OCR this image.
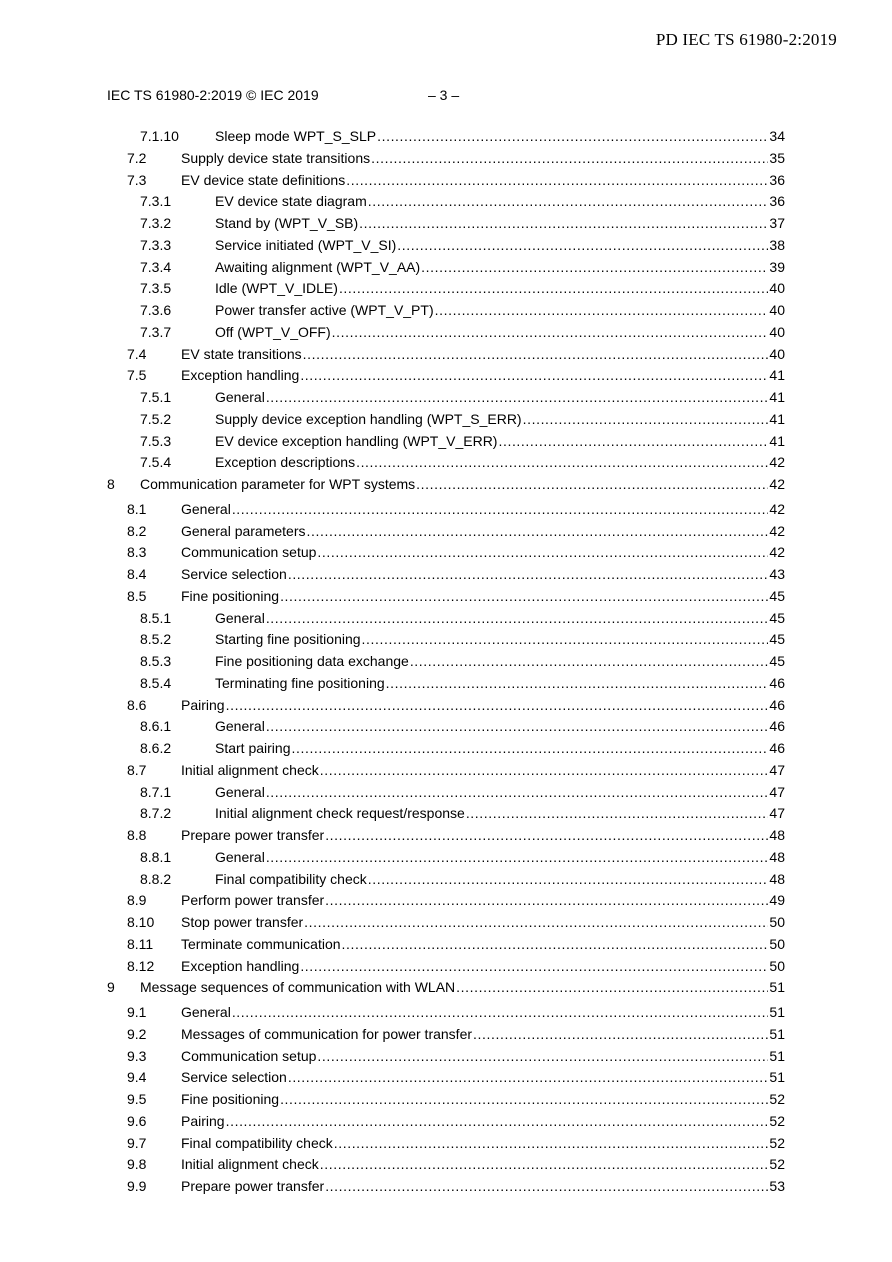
PD IEC TS 61980-2:2019
IEC TS 61980-2:2019 © IEC 2019	– 3 –
7.1.10	Sleep mode WPT_S_SLP .....	34
7.2 Supply device state transitions .....	35
7.3 EV device state definitions .....	36
7.3.1	EV device state diagram .....	36
7.3.2	Stand by (WPT_V_SB) .....	37
7.3.3	Service initiated (WPT_V_SI) .....	38
7.3.4	Awaiting alignment (WPT_V_AA) .....	39
7.3.5	Idle (WPT_V_IDLE) .....	40
7.3.6	Power transfer active (WPT_V_PT) .....	40
7.3.7	Off (WPT_V_OFF) .....	40
7.4 EV state transitions .....	40
7.5 Exception handling .....	41
7.5.1	General .....	41
7.5.2	Supply device exception handling (WPT_S_ERR) .....	41
7.5.3	EV device exception handling (WPT_V_ERR) .....	41
7.5.4	Exception descriptions .....	42
8 Communication parameter for WPT systems .....	42
8.1 General .....	42
8.2 General parameters .....	42
8.3 Communication setup .....	42
8.4 Service selection .....	43
8.5 Fine positioning .....	45
8.5.1	General .....	45
8.5.2	Starting fine positioning .....	45
8.5.3	Fine positioning data exchange .....	45
8.5.4	Terminating fine positioning .....	46
8.6 Pairing .....	46
8.6.1	General .....	46
8.6.2	Start pairing .....	46
8.7 Initial alignment check .....	47
8.7.1	General .....	47
8.7.2	Initial alignment check request/response .....	47
8.8 Prepare power transfer .....	48
8.8.1	General .....	48
8.8.2	Final compatibility check .....	48
8.9 Perform power transfer .....	49
8.10 Stop power transfer .....	50
8.11 Terminate communication .....	50
8.12 Exception handling .....	50
9 Message sequences of communication with WLAN .....	51
9.1 General .....	51
9.2 Messages of communication for power transfer .....	51
9.3 Communication setup .....	51
9.4 Service selection .....	51
9.5 Fine positioning .....	52
9.6 Pairing .....	52
9.7 Final compatibility check .....	52
9.8 Initial alignment check .....	52
9.9 Prepare power transfer .....	53
